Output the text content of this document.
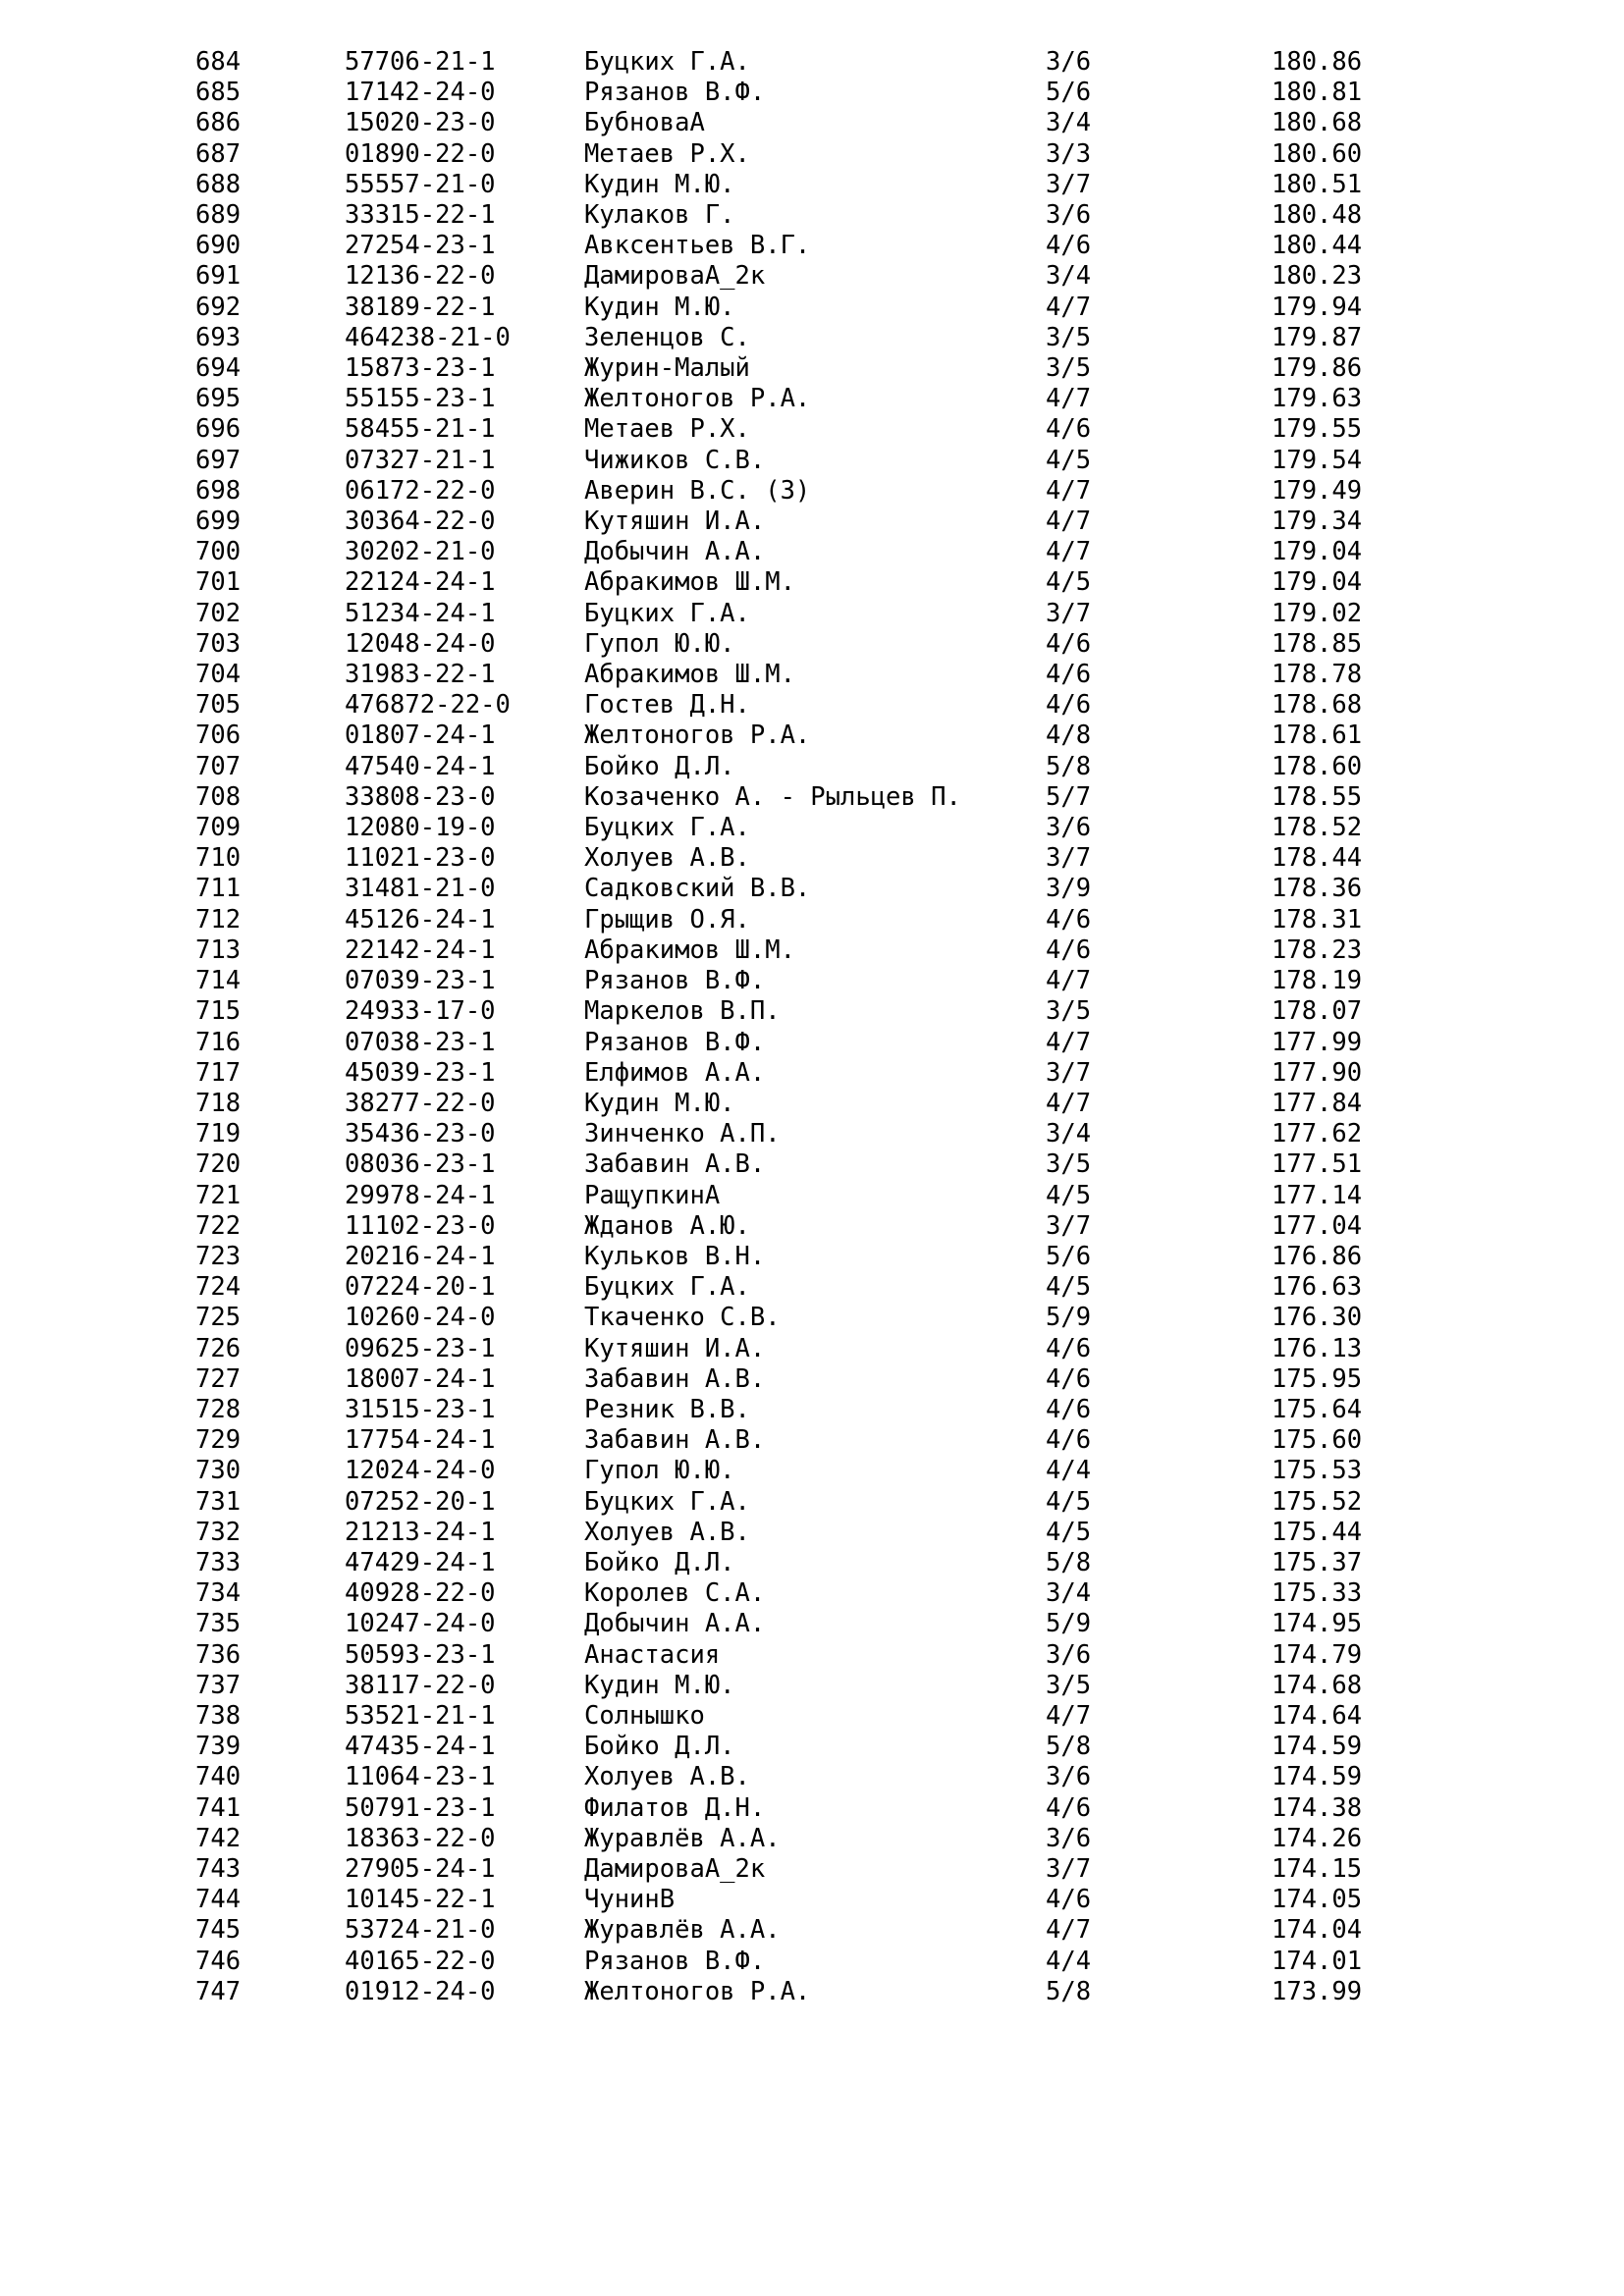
684	57706-21-1	Буцких Г.А.	3/6	180.86
685	17142-24-0	Рязанов В.Ф.	5/6	180.81
686	15020-23-0	БубноваА	3/4	180.68
687	01890-22-0	Метаев Р.Х.	3/3	180.60
688	55557-21-0	Кудин М.Ю.	3/7	180.51
689	33315-22-1	Кулаков Г.	3/6	180.48
690	27254-23-1	Авксентьев В.Г.	4/6	180.44
691	12136-22-0	ДамироваА_2к	3/4	180.23
692	38189-22-1	Кудин М.Ю.	4/7	179.94
693	464238-21-0	Зеленцов С.	3/5	179.87
694	15873-23-1	Журин-Малый	3/5	179.86
695	55155-23-1	Желтоногов Р.А.	4/7	179.63
696	58455-21-1	Метаев Р.Х.	4/6	179.55
697	07327-21-1	Чижиков С.В.	4/5	179.54
698	06172-22-0	Аверин В.С. (З)	4/7	179.49
699	30364-22-0	Кутяшин И.А.	4/7	179.34
700	30202-21-0	Добычин А.А.	4/7	179.04
701	22124-24-1	Абракимов Ш.М.	4/5	179.04
702	51234-24-1	Буцких Г.А.	3/7	179.02
703	12048-24-0	Гупол Ю.Ю.	4/6	178.85
704	31983-22-1	Абракимов Ш.М.	4/6	178.78
705	476872-22-0	Гостев Д.Н.	4/6	178.68
706	01807-24-1	Желтоногов Р.А.	4/8	178.61
707	47540-24-1	Бойко Д.Л.	5/8	178.60
708	33808-23-0	Козаченко А. - Рыльцев П.	5/7	178.55
709	12080-19-0	Буцких Г.А.	3/6	178.52
710	11021-23-0	Холуев А.В.	3/7	178.44
711	31481-21-0	Садковский В.В.	3/9	178.36
712	45126-24-1	Грыщив О.Я.	4/6	178.31
713	22142-24-1	Абракимов Ш.М.	4/6	178.23
714	07039-23-1	Рязанов В.Ф.	4/7	178.19
715	24933-17-0	Маркелов В.П.	3/5	178.07
716	07038-23-1	Рязанов В.Ф.	4/7	177.99
717	45039-23-1	Елфимов А.А.	3/7	177.90
718	38277-22-0	Кудин М.Ю.	4/7	177.84
719	35436-23-0	Зинченко А.П.	3/4	177.62
720	08036-23-1	Забавин А.В.	3/5	177.51
721	29978-24-1	РащупкинА	4/5	177.14
722	11102-23-0	Жданов А.Ю.	3/7	177.04
723	20216-24-1	Кульков В.Н.	5/6	176.86
724	07224-20-1	Буцких Г.А.	4/5	176.63
725	10260-24-0	Ткаченко С.В.	5/9	176.30
726	09625-23-1	Кутяшин И.А.	4/6	176.13
727	18007-24-1	Забавин А.В.	4/6	175.95
728	31515-23-1	Резник В.В.	4/6	175.64
729	17754-24-1	Забавин А.В.	4/6	175.60
730	12024-24-0	Гупол Ю.Ю.	4/4	175.53
731	07252-20-1	Буцких Г.А.	4/5	175.52
732	21213-24-1	Холуев А.В.	4/5	175.44
733	47429-24-1	Бойко Д.Л.	5/8	175.37
734	40928-22-0	Королев С.А.	3/4	175.33
735	10247-24-0	Добычин А.А.	5/9	174.95
736	50593-23-1	Анастасия	3/6	174.79
737	38117-22-0	Кудин М.Ю.	3/5	174.68
738	53521-21-1	Солнышко	4/7	174.64
739	47435-24-1	Бойко Д.Л.	5/8	174.59
740	11064-23-1	Холуев А.В.	3/6	174.59
741	50791-23-1	Филатов Д.Н.	4/6	174.38
742	18363-22-0	Журавлёв А.А.	3/6	174.26
743	27905-24-1	ДамироваА_2к	3/7	174.15
744	10145-22-1	ЧунинВ	4/6	174.05
745	53724-21-0	Журавлёв А.А.	4/7	174.04
746	40165-22-0	Рязанов В.Ф.	4/4	174.01
747	01912-24-0	Желтоногов Р.А.	5/8	173.99
